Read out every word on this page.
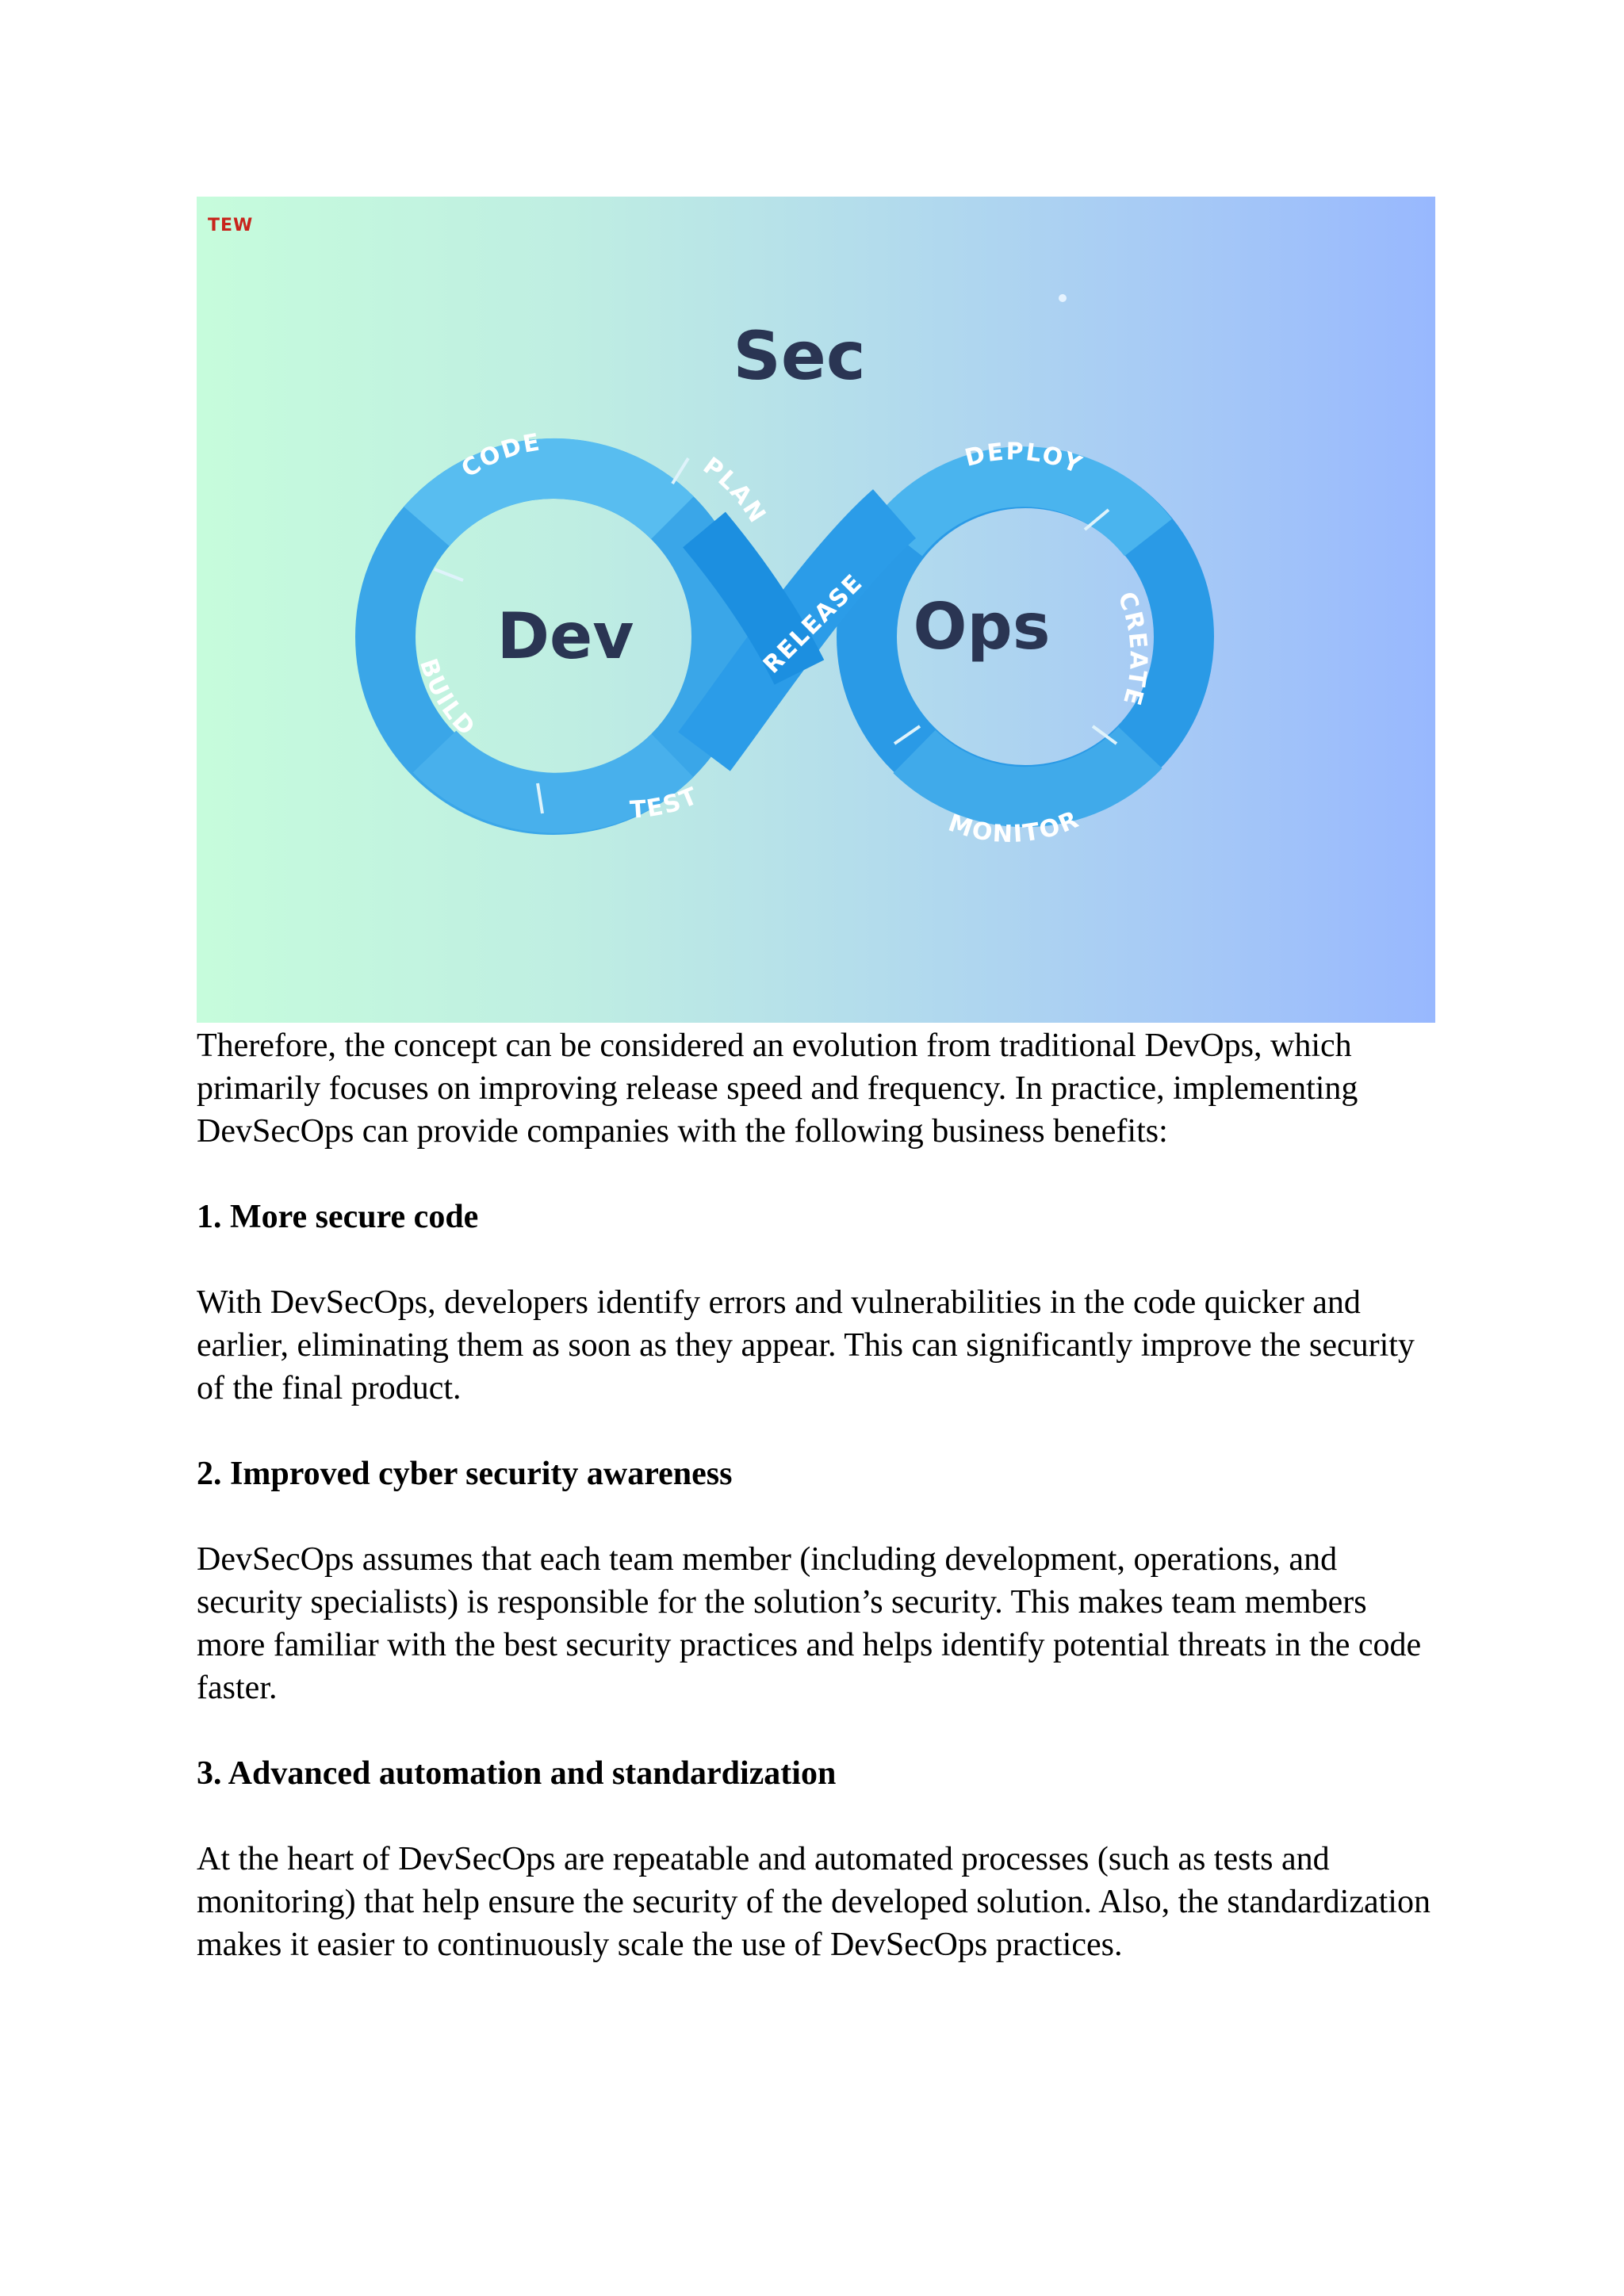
CODE
PLAN
RELEASE
DEPLOY
CREATE
MONITOR
TEST
BUILD
Sec
Dev	Ops
TEW

Therefore, the concept can be considered an evolution from traditional DevOps, which primarily focuses on improving release speed and frequency. In practice, implementing DevSecOps can provide companies with the following business benefits:

1. More secure code

With DevSecOps, developers identify errors and vulnerabilities in the code quicker and earlier, eliminating them as soon as they appear. This can significantly improve the security of the final product.

2. Improved cyber security awareness

DevSecOps assumes that each team member (including development, operations, and security specialists) is responsible for the solution’s security. This makes team members more familiar with the best security practices and helps identify potential threats in the code faster.

3. Advanced automation and standardization

At the heart of DevSecOps are repeatable and automated processes (such as tests and monitoring) that help ensure the security of the developed solution. Also, the standardization makes it easier to continuously scale the use of DevSecOps practices.
